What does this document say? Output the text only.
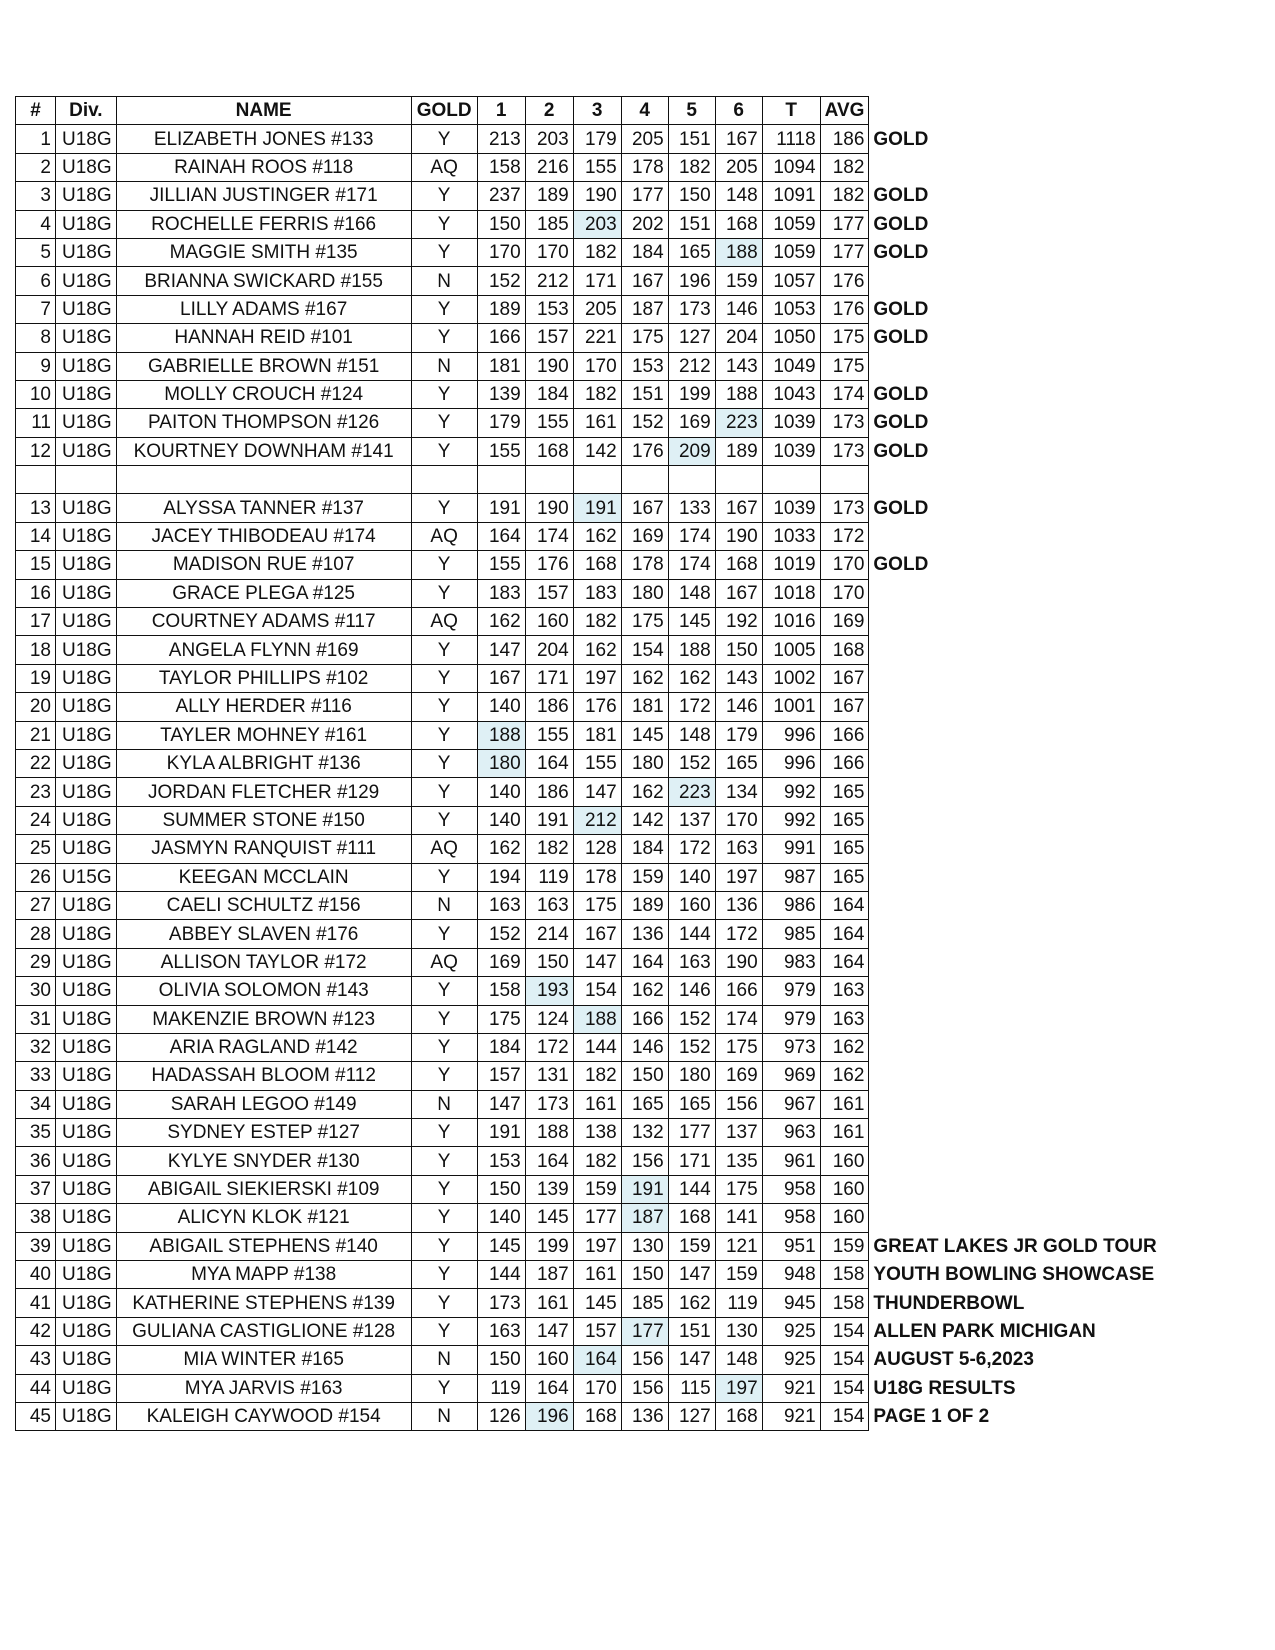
#	Div.	NAME	GOLD	1	2	3	4	5	6	T	AVG	
1	U18G	ELIZABETH JONES #133	Y	213	203	179	205	151	167	1118	186	GOLD
2	U18G	RAINAH ROOS #118	AQ	158	216	155	178	182	205	1094	182	
3	U18G	JILLIAN JUSTINGER #171	Y	237	189	190	177	150	148	1091	182	GOLD
4	U18G	ROCHELLE FERRIS #166	Y	150	185	203	202	151	168	1059	177	GOLD
5	U18G	MAGGIE SMITH #135	Y	170	170	182	184	165	188	1059	177	GOLD
6	U18G	BRIANNA SWICKARD #155	N	152	212	171	167	196	159	1057	176	
7	U18G	LILLY ADAMS #167	Y	189	153	205	187	173	146	1053	176	GOLD
8	U18G	HANNAH REID #101	Y	166	157	221	175	127	204	1050	175	GOLD
9	U18G	GABRIELLE BROWN #151	N	181	190	170	153	212	143	1049	175	
10	U18G	MOLLY CROUCH #124	Y	139	184	182	151	199	188	1043	174	GOLD
11	U18G	PAITON THOMPSON #126	Y	179	155	161	152	169	223	1039	173	GOLD
12	U18G	KOURTNEY DOWNHAM #141	Y	155	168	142	176	209	189	1039	173	GOLD

13	U18G	ALYSSA TANNER #137	Y	191	190	191	167	133	167	1039	173	GOLD
14	U18G	JACEY THIBODEAU #174	AQ	164	174	162	169	174	190	1033	172	
15	U18G	MADISON RUE #107	Y	155	176	168	178	174	168	1019	170	GOLD
16	U18G	GRACE PLEGA #125	Y	183	157	183	180	148	167	1018	170	
17	U18G	COURTNEY ADAMS #117	AQ	162	160	182	175	145	192	1016	169	
18	U18G	ANGELA FLYNN #169	Y	147	204	162	154	188	150	1005	168	
19	U18G	TAYLOR PHILLIPS #102	Y	167	171	197	162	162	143	1002	167	
20	U18G	ALLY HERDER #116	Y	140	186	176	181	172	146	1001	167	
21	U18G	TAYLER MOHNEY #161	Y	188	155	181	145	148	179	996	166	
22	U18G	KYLA ALBRIGHT #136	Y	180	164	155	180	152	165	996	166	
23	U18G	JORDAN FLETCHER #129	Y	140	186	147	162	223	134	992	165	
24	U18G	SUMMER STONE #150	Y	140	191	212	142	137	170	992	165	
25	U18G	JASMYN RANQUIST #111	AQ	162	182	128	184	172	163	991	165	
26	U15G	KEEGAN MCCLAIN	Y	194	119	178	159	140	197	987	165	
27	U18G	CAELI SCHULTZ #156	N	163	163	175	189	160	136	986	164	
28	U18G	ABBEY SLAVEN #176	Y	152	214	167	136	144	172	985	164	
29	U18G	ALLISON TAYLOR #172	AQ	169	150	147	164	163	190	983	164	
30	U18G	OLIVIA SOLOMON #143	Y	158	193	154	162	146	166	979	163	
31	U18G	MAKENZIE BROWN #123	Y	175	124	188	166	152	174	979	163	
32	U18G	ARIA RAGLAND #142	Y	184	172	144	146	152	175	973	162	
33	U18G	HADASSAH BLOOM #112	Y	157	131	182	150	180	169	969	162	
34	U18G	SARAH LEGOO #149	N	147	173	161	165	165	156	967	161	
35	U18G	SYDNEY ESTEP #127	Y	191	188	138	132	177	137	963	161	
36	U18G	KYLYE SNYDER #130	Y	153	164	182	156	171	135	961	160	
37	U18G	ABIGAIL SIEKIERSKI #109	Y	150	139	159	191	144	175	958	160	
38	U18G	ALICYN KLOK #121	Y	140	145	177	187	168	141	958	160	
39	U18G	ABIGAIL STEPHENS #140	Y	145	199	197	130	159	121	951	159	GREAT LAKES JR GOLD TOUR
40	U18G	MYA MAPP #138	Y	144	187	161	150	147	159	948	158	YOUTH BOWLING SHOWCASE
41	U18G	KATHERINE STEPHENS #139	Y	173	161	145	185	162	119	945	158	THUNDERBOWL
42	U18G	GULIANA CASTIGLIONE #128	Y	163	147	157	177	151	130	925	154	ALLEN PARK MICHIGAN
43	U18G	MIA WINTER #165	N	150	160	164	156	147	148	925	154	AUGUST 5-6,2023
44	U18G	MYA JARVIS #163	Y	119	164	170	156	115	197	921	154	U18G RESULTS
45	U18G	KALEIGH CAYWOOD #154	N	126	196	168	136	127	168	921	154	PAGE 1 OF 2
